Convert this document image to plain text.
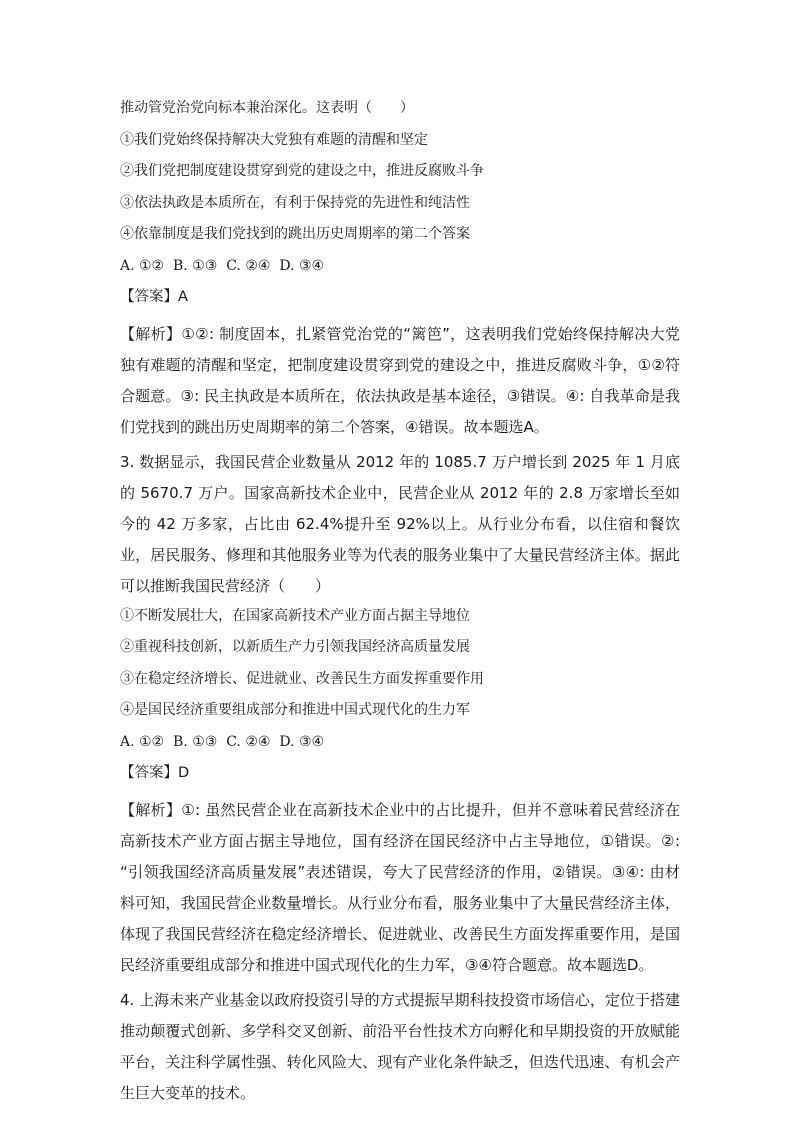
推动管党治党向标本兼治深化。这表明（　　）
①我们党始终保持解决大党独有难题的清醒和坚定
②我们党把制度建设贯穿到党的建设之中，推进反腐败斗争
③依法执政是本质所在，有利于保持党的先进性和纯洁性
④依靠制度是我们党找到的跳出历史周期率的第二个答案
A. ①②  B. ①③  C. ②④  D. ③④
【答案】A
【解析】①②: 制度固本，扎紧管党治党的“篱笆”，这表明我们党始终保持解决大党独有难题的清醒和坚定，把制度建设贯穿到党的建设之中，推进反腐败斗争，①②符合题意。③: 民主执政是本质所在，依法执政是基本途径，③错误。④: 自我革命是我们党找到的跳出历史周期率的第二个答案，④错误。故本题选A。
3. 数据显示，我国民营企业数量从 2012 年的 1085.7 万户增长到 2025 年 1 月底的 5670.7 万户。国家高新技术企业中，民营企业从 2012 年的 2.8 万家增长至如今的 42 万多家，占比由 62.4%提升至 92%以上。从行业分布看，以住宿和餐饮业，居民服务、修理和其他服务业等为代表的服务业集中了大量民营经济主体。据此可以推断我国民营经济（　　）
①不断发展壮大，在国家高新技术产业方面占据主导地位
②重视科技创新，以新质生产力引领我国经济高质量发展
③在稳定经济增长、促进就业、改善民生方面发挥重要作用
④是国民经济重要组成部分和推进中国式现代化的生力军
A. ①②  B. ①③  C. ②④  D. ③④
【答案】D
【解析】①: 虽然民营企业在高新技术企业中的占比提升，但并不意味着民营经济在高新技术产业方面占据主导地位，国有经济在国民经济中占主导地位，①错误。②: “引领我国经济高质量发展”表述错误，夸大了民营经济的作用，②错误。③④: 由材料可知，我国民营企业数量增长。从行业分布看，服务业集中了大量民营经济主体，体现了我国民营经济在稳定经济增长、促进就业、改善民生方面发挥重要作用，是国民经济重要组成部分和推进中国式现代化的生力军，③④符合题意。故本题选D。
4. 上海未来产业基金以政府投资引导的方式提振早期科技投资市场信心，定位于搭建推动颠覆式创新、多学科交叉创新、前沿平台性技术方向孵化和早期投资的开放赋能平台，关注科学属性强、转化风险大、现有产业化条件缺乏，但迭代迅速、有机会产生巨大变革的技术。
